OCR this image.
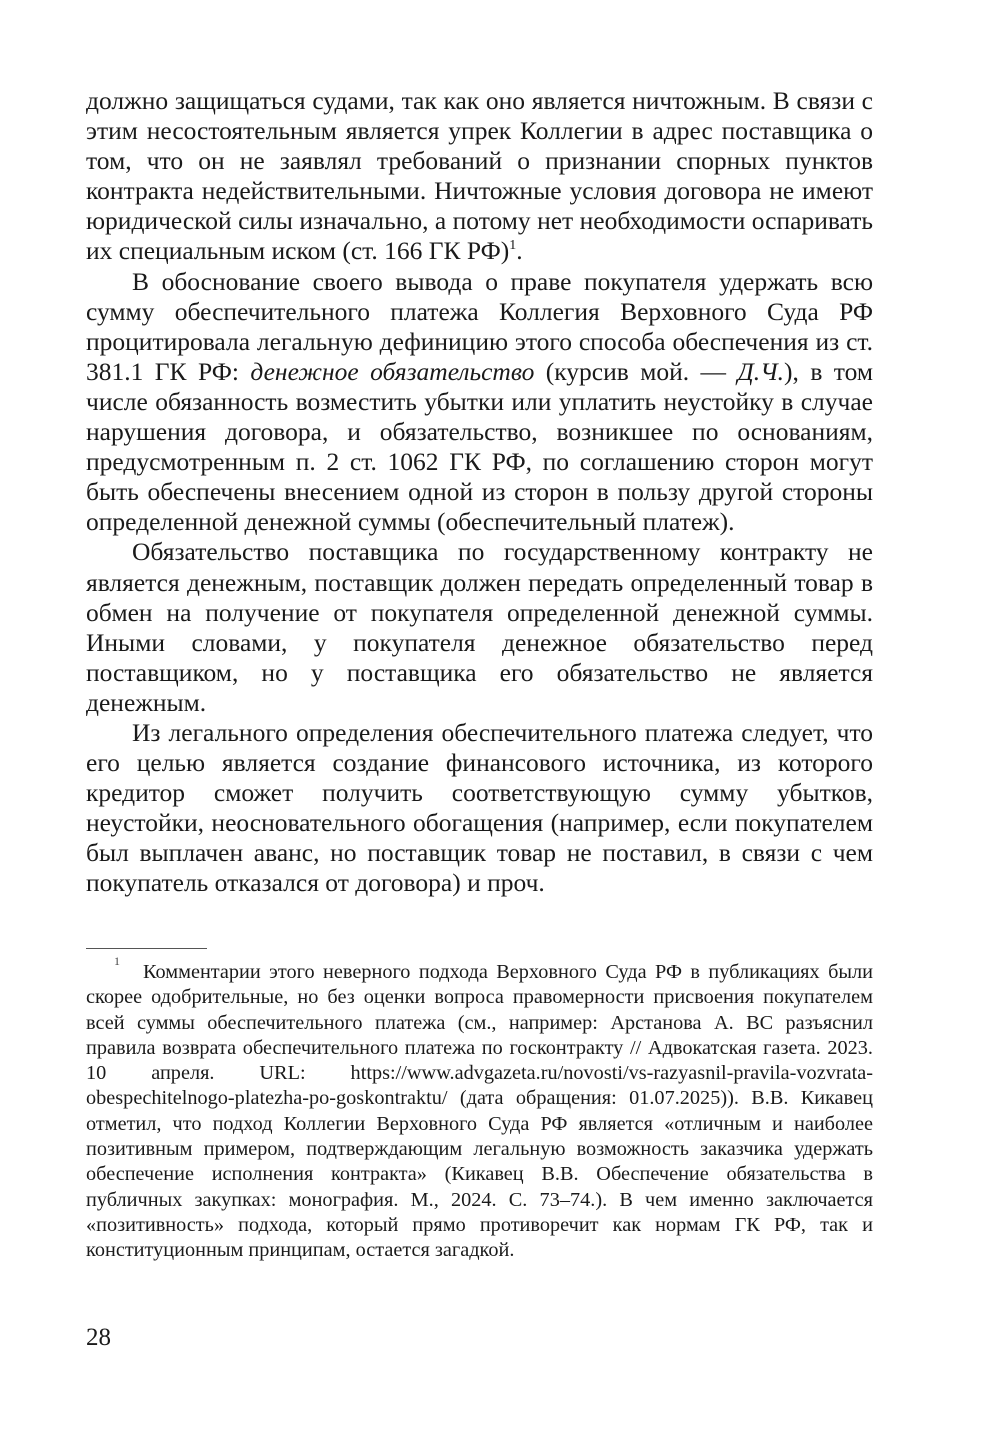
должно защищаться судами, так как оно является ничтожным. В связи с этим несостоятельным является упрек Коллегии в адрес поставщика о том, что он не заявлял требований о признании спорных пунктов контракта недействительными. Ничтожные условия договора не имеют юридической силы изначально, а потому нет необходимости оспаривать их специальным иском (ст. 166 ГК РФ)$^1$.

В обоснование своего вывода о праве покупателя удержать всю сумму обеспечительного платежа Коллегия Верховного Суда РФ процитировала легальную дефиницию этого способа обеспечения из ст. 381.1 ГК РФ: денежное обязательство (курсив мой. — Д.Ч.), в том числе обязанность возместить убытки или уплатить неустойку в случае нарушения договора, и обязательство, возникшее по основаниям, предусмотренным п. 2 ст. 1062 ГК РФ, по соглашению сторон могут быть обеспечены внесением одной из сторон в пользу другой стороны определенной денежной суммы (обеспечительный платеж).

Обязательство поставщика по государственному контракту не является денежным, поставщик должен передать определенный товар в обмен на получение от покупателя определенной денежной суммы. Иными словами, у покупателя денежное обязательство перед поставщиком, но у поставщика его обязательство не является денежным.

Из легального определения обеспечительного платежа следует, что его целью является создание финансового источника, из которого кредитор сможет получить соответствующую сумму убытков, неустойки, неосновательного обогащения (например, если покупателем был выплачен аванс, но поставщик товар не поставил, в связи с чем покупатель отказался от договора) и проч.

1 Комментарии этого неверного подхода Верховного Суда РФ в публикациях были скорее одобрительные, но без оценки вопроса правомерности присвоения покупателем всей суммы обеспечительного платежа (см., например: Арстанова А. ВС разъяснил правила возврата обеспечительного платежа по госконтракту // Адвокатская газета. 2023. 10 апреля. URL: https://www.advgazeta.ru/novosti/vs-razyasnil-pravila-vozvrata-obespechitelnogo-platezha-po-goskontraktu/ (дата обращения: 01.07.2025)). В.В. Кикавец отметил, что подход Коллегии Верховного Суда РФ является «отличным и наиболее позитивным примером, подтверждающим легальную возможность заказчика удержать обеспечение исполнения контракта» (Кикавец В.В. Обеспечение обязательства в публичных закупках: монография. М., 2024. С. 73–74.). В чем именно заключается «позитивность» подхода, который прямо противоречит как нормам ГК РФ, так и конституционным принципам, остается загадкой.

28
